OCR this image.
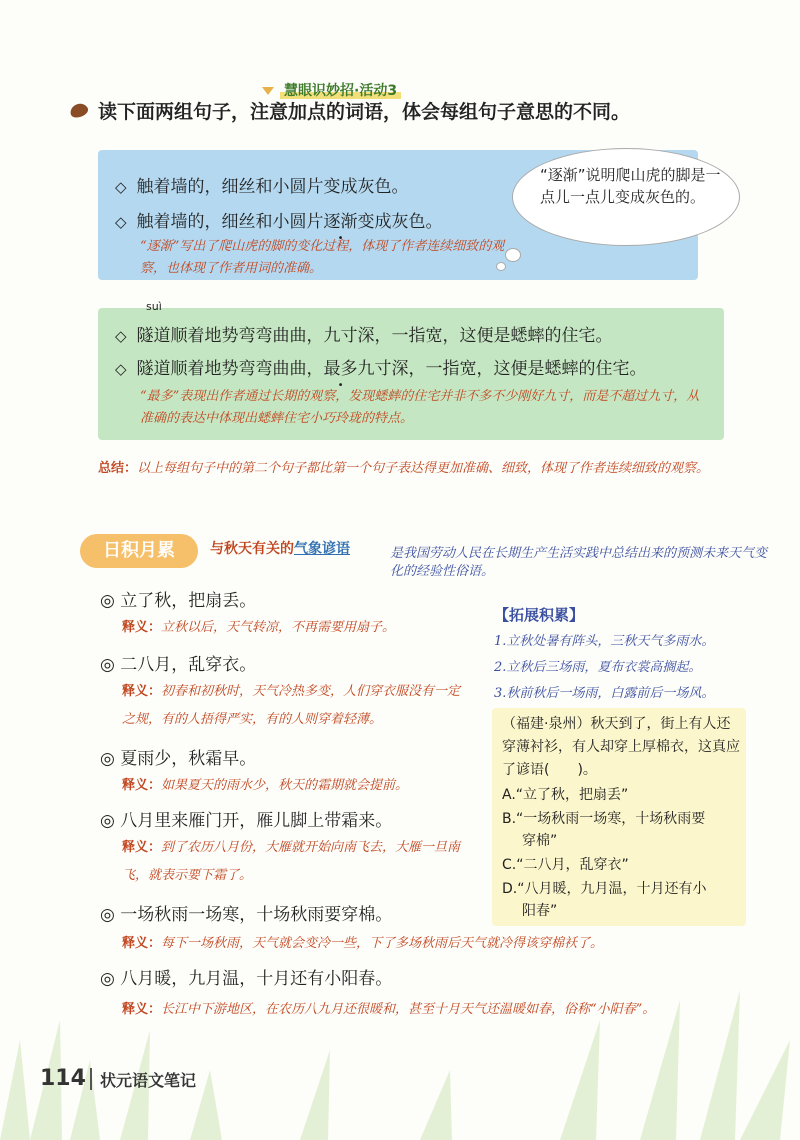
慧眼识妙招·活动3
读下面两组句子，注意加点的词语，体会每组句子意思的不同。
◇ 触着墙的，细丝和小圆片变成灰色。
◇ 触着墙的，细丝和小圆片逐渐变成灰色。
“逐渐”写出了爬山虎的脚的变化过程，体现了作者连续细致的观察，也体现了作者用词的准确。
“逐渐”说明爬山虎的脚是一点儿一点儿变成灰色的。
suì
◇ 隧道顺着地势弯弯曲曲，九寸深，一指宽，这便是蟋蟀的住宅。
◇ 隧道顺着地势弯弯曲曲，最多九寸深，一指宽，这便是蟋蟀的住宅。
“最多”表现出作者通过长期的观察，发现蟋蟀的住宅并非不多不少刚好九寸，而是不超过九寸，从准确的表达中体现出蟋蟀住宅小巧玲珑的特点。
总结：以上每组句子中的第二个句子都比第一个句子表达得更加准确、细致，体现了作者连续细致的观察。
日积月累	与秋天有关的气象谚语	是我国劳动人民在长期生产生活实践中总结出来的预测未来天气变化的经验性俗语。
◎ 立了秋，把扇丢。
释义：立秋以后，天气转凉，不再需要用扇子。
◎ 二八月，乱穿衣。
释义：初春和初秋时，天气冷热多变，人们穿衣服没有一定之规，有的人捂得严实，有的人则穿着轻薄。
◎ 夏雨少，秋霜早。
释义：如果夏天的雨水少，秋天的霜期就会提前。
◎ 八月里来雁门开，雁儿脚上带霜来。
释义：到了农历八月份，大雁就开始向南飞去，大雁一旦南飞，就表示要下霜了。
◎ 一场秋雨一场寒，十场秋雨要穿棉。
释义：每下一场秋雨，天气就会变冷一些，下了多场秋雨后天气就冷得该穿棉袄了。
◎ 八月暖，九月温，十月还有小阳春。
释义：长江中下游地区，在农历八九月还很暖和，甚至十月天气还温暖如春，俗称“小阳春”。
【拓展积累】
1.立秋处暑有阵头，三秋天气多雨水。
2.立秋后三场雨，夏布衣裳高搁起。
3.秋前秋后一场雨，白露前后一场风。
（福建·泉州）秋天到了，街上有人还穿薄衬衫，有人却穿上厚棉衣，这真应了谚语(　　)。
A.“立了秋，把扇丢”
B.“一场秋雨一场寒，十场秋雨要
穿棉”
C.“二八月，乱穿衣”
D.“八月暖，九月温，十月还有小
阳春”
114 状元语文笔记
